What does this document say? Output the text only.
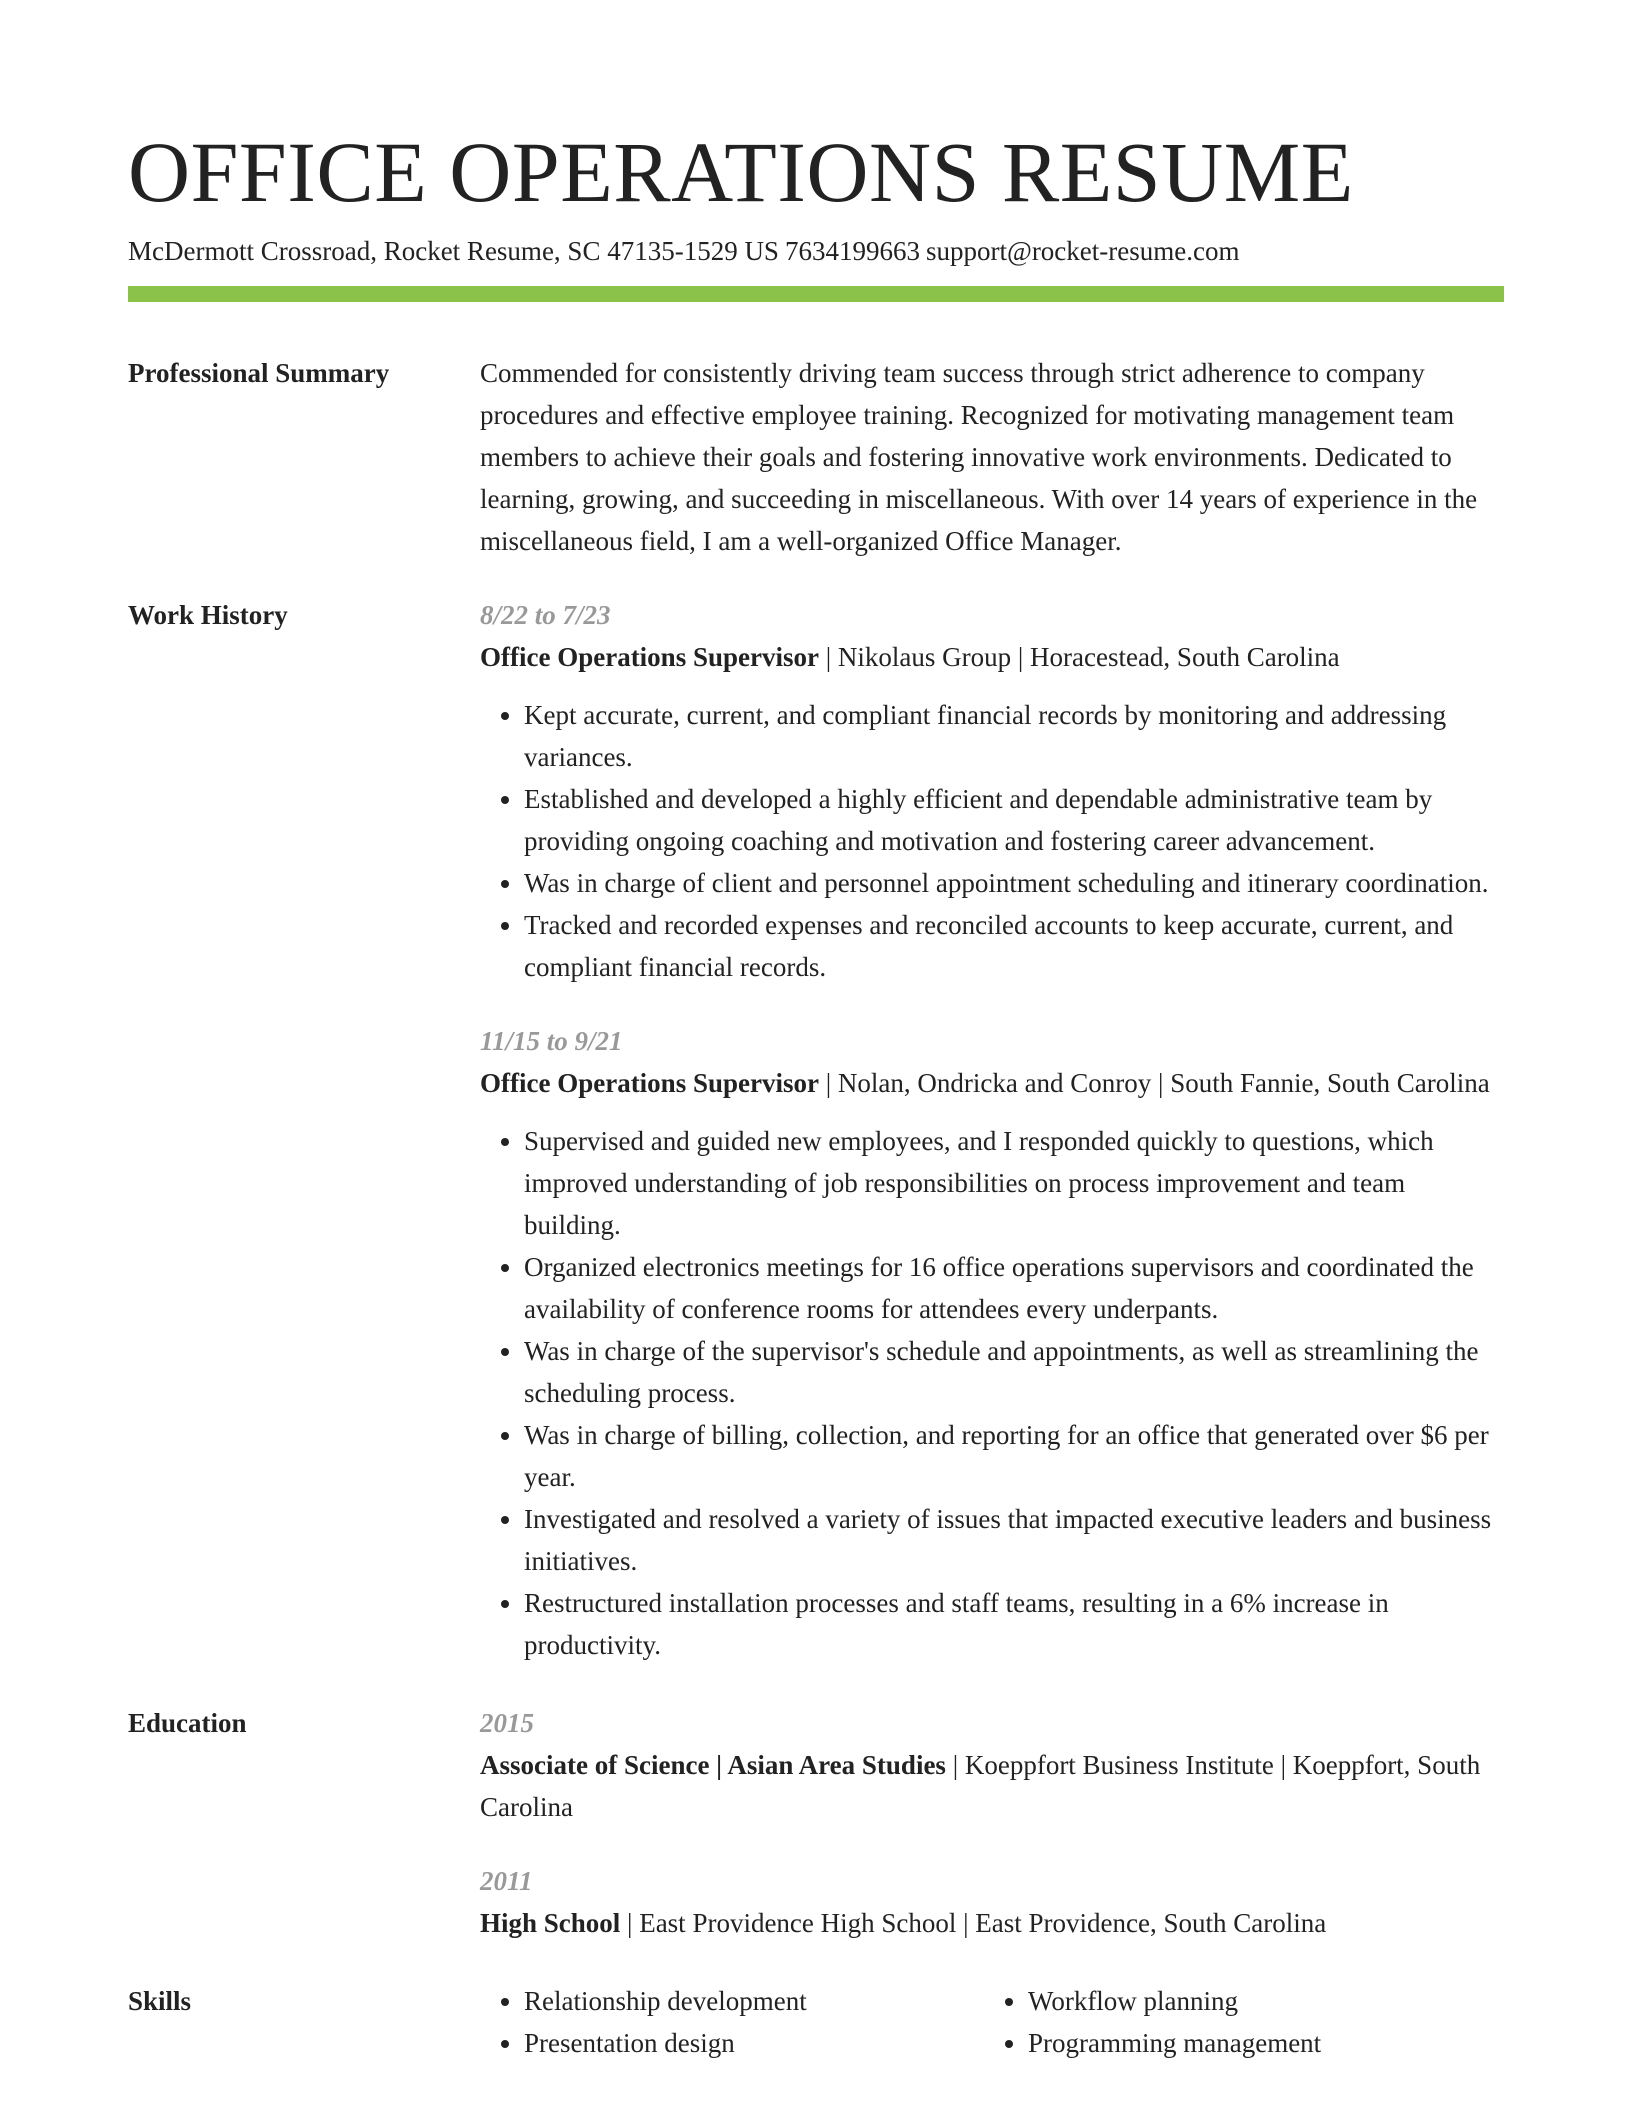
OFFICE OPERATIONS RESUME
McDermott Crossroad, Rocket Resume, SC 47135-1529 US 7634199663 support@rocket-resume.com
Professional Summary	Commended for consistently driving team success through strict adherence to company procedures and effective employee training. Recognized for motivating management team members to achieve their goals and fostering innovative work environments. Dedicated to learning, growing, and succeeding in miscellaneous. With over 14 years of experience in the miscellaneous field, I am a well-organized Office Manager.
Work History	8/22 to 7/23

Office Operations Supervisor | Nikolaus Group | Horacestead, South Carolina

• Kept accurate, current, and compliant financial records by monitoring and addressing variances.
• Established and developed a highly efficient and dependable administrative team by providing ongoing coaching and motivation and fostering career advancement.
• Was in charge of client and personnel appointment scheduling and itinerary coordination.
• Tracked and recorded expenses and reconciled accounts to keep accurate, current, and compliant financial records.
11/15 to 9/21

Office Operations Supervisor | Nolan, Ondricka and Conroy | South Fannie, South Carolina

• Supervised and guided new employees, and I responded quickly to questions, which improved understanding of job responsibilities on process improvement and team building.
• Organized electronics meetings for 16 office operations supervisors and coordinated the availability of conference rooms for attendees every underpants.
• Was in charge of the supervisor's schedule and appointments, as well as streamlining the scheduling process.
• Was in charge of billing, collection, and reporting for an office that generated over $6 per year.
• Investigated and resolved a variety of issues that impacted executive leaders and business initiatives.
• Restructured installation processes and staff teams, resulting in a 6% increase in productivity.
Education	2015

Associate of Science | Asian Area Studies | Koeppfort Business Institute | Koeppfort, South Carolina

2011

High School | East Providence High School | East Providence, South Carolina

Skills
•	Relationship development
• Presentation design
• Workflow planning
• Programming management
